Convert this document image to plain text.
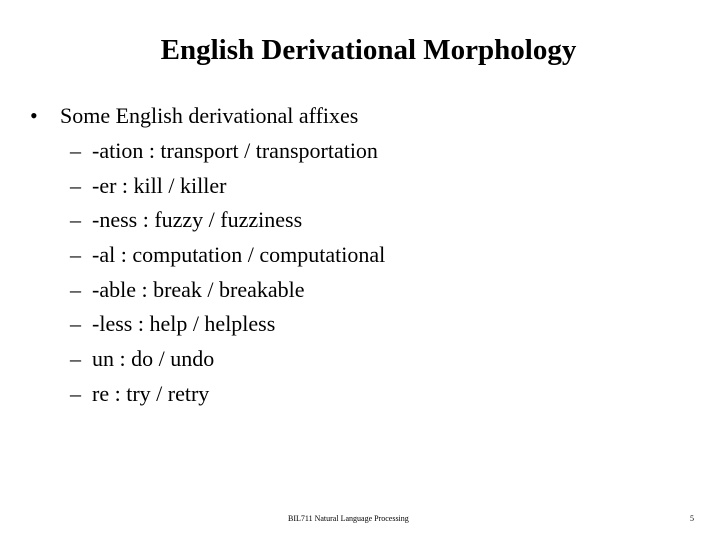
English Derivational Morphology
• Some English derivational affixes
– -ation : transport / transportation
– -er : kill / killer
– -ness : fuzzy / fuzziness
– -al : computation / computational
– -able : break / breakable
– -less : help / helpless
– un : do / undo
– re : try / retry
BIL711 Natural Language Processing	5
